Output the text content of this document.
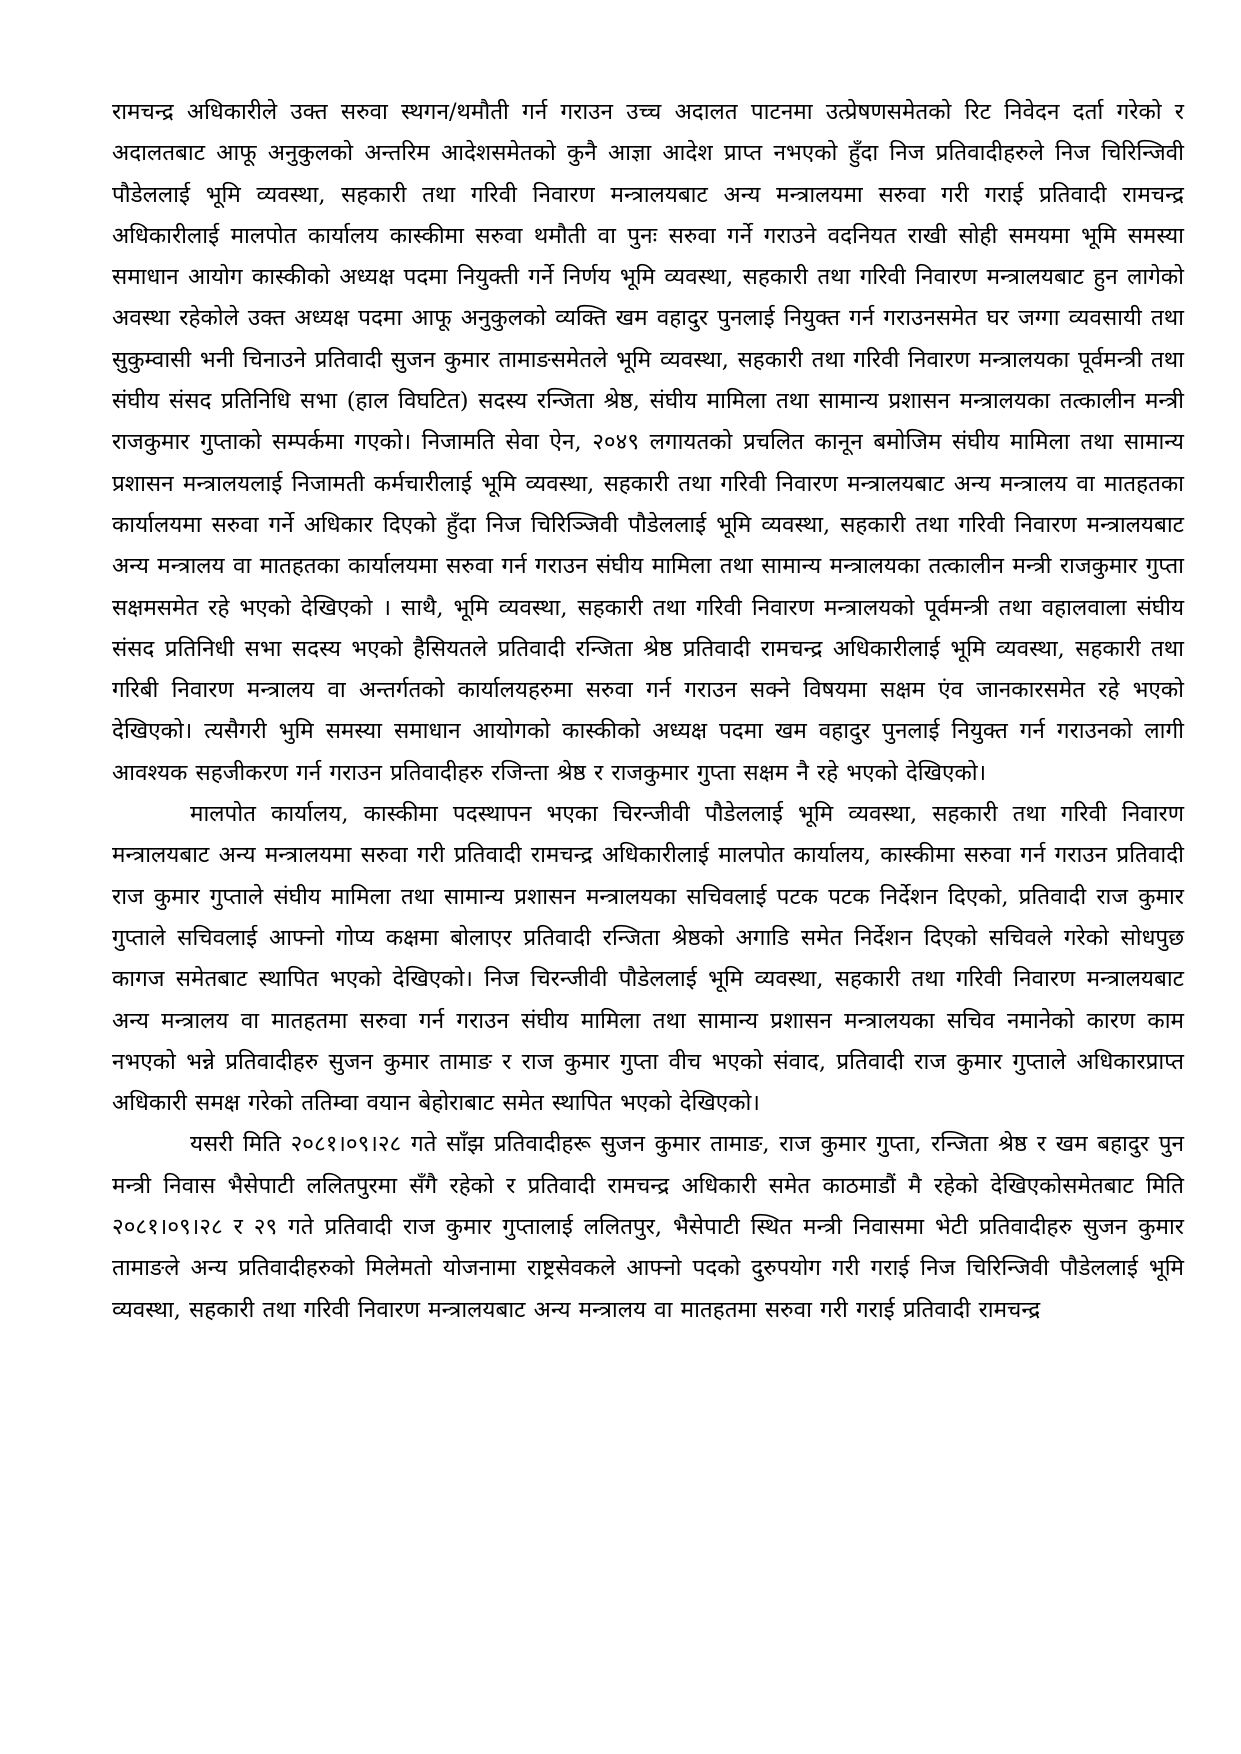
रामचन्द्र अधिकारीले उक्त सरुवा स्थगन/थमौती गर्न गराउन उच्च अदालत पाटनमा उत्प्रेषणसमेतको रिट निवेदन दर्ता गरेको र अदालतबाट आफू अनुकुलको अन्तरिम आदेशसमेतको कुनै आज्ञा आदेश प्राप्त नभएको हुँदा निज प्रतिवादीहरुले निज चिरिन्जिवी पौडेललाई भूमि व्यवस्था, सहकारी तथा गरिवी निवारण मन्त्रालयबाट अन्य मन्त्रालयमा सरुवा गरी गराई प्रतिवादी रामचन्द्र अधिकारीलाई मालपोत कार्यालय कास्कीमा सरुवा थमौती वा पुनः सरुवा गर्ने गराउने वदनियत राखी सोही समयमा भूमि समस्या समाधान आयोग कास्कीको अध्यक्ष पदमा नियुक्ती गर्ने निर्णय भूमि व्यवस्था, सहकारी तथा गरिवी निवारण मन्त्रालयबाट हुन लागेको अवस्था रहेकोले उक्त अध्यक्ष पदमा आफू अनुकुलको व्यक्ति खम वहादुर पुनलाई नियुक्त गर्न गराउनसमेत घर जग्गा व्यवसायी तथा सुकुम्वासी भनी चिनाउने प्रतिवादी सुजन कुमार तामाङसमेतले भूमि व्यवस्था, सहकारी तथा गरिवी निवारण मन्त्रालयका पूर्वमन्त्री तथा संघीय संसद प्रतिनिधि सभा (हाल विघटित) सदस्य रन्जिता श्रेष्ठ, संघीय मामिला तथा सामान्य प्रशासन मन्त्रालयका तत्कालीन मन्त्री राजकुमार गुप्ताको सम्पर्कमा गएको। निजामति सेवा ऐन, २०४९ लगायतको प्रचलित कानून बमोजिम संघीय मामिला तथा सामान्य प्रशासन मन्त्रालयलाई निजामती कर्मचारीलाई भूमि व्यवस्था, सहकारी तथा गरिवी निवारण मन्त्रालयबाट अन्य मन्त्रालय वा मातहतका कार्यालयमा सरुवा गर्ने अधिकार दिएको हुँदा निज चिरिञ्जिवी पौडेललाई भूमि व्यवस्था, सहकारी तथा गरिवी निवारण मन्त्रालयबाट अन्य मन्त्रालय वा मातहतका कार्यालयमा सरुवा गर्न गराउन संघीय मामिला तथा सामान्य मन्त्रालयका तत्कालीन मन्त्री राजकुमार गुप्ता सक्षमसमेत रहे भएको देखिएको । साथै, भूमि व्यवस्था, सहकारी तथा गरिवी निवारण मन्त्रालयको पूर्वमन्त्री तथा वहालवाला संघीय संसद प्रतिनिधी सभा सदस्य भएको हैसियतले प्रतिवादी रन्जिता श्रेष्ठ प्रतिवादी रामचन्द्र अधिकारीलाई भूमि व्यवस्था, सहकारी तथा गरिबी निवारण मन्त्रालय वा अन्तर्गतको कार्यालयहरुमा सरुवा गर्न गराउन सक्ने विषयमा सक्षम एंव जानकारसमेत रहे भएको देखिएको। त्यसैगरी भुमि समस्या समाधान आयोगको कास्कीको अध्यक्ष पदमा खम वहादुर पुनलाई नियुक्त गर्न गराउनको लागी आवश्यक सहजीकरण गर्न गराउन प्रतिवादीहरु रजिन्ता श्रेष्ठ र राजकुमार गुप्ता सक्षम नै रहे भएको देखिएको।

मालपोत कार्यालय, कास्कीमा पदस्थापन भएका चिरन्जीवी पौडेललाई भूमि व्यवस्था, सहकारी तथा गरिवी निवारण मन्त्रालयबाट अन्य मन्त्रालयमा सरुवा गरी प्रतिवादी रामचन्द्र अधिकारीलाई मालपोत कार्यालय, कास्कीमा सरुवा गर्न गराउन प्रतिवादी राज कुमार गुप्ताले संघीय मामिला तथा सामान्य प्रशासन मन्त्रालयका सचिवलाई पटक पटक निर्देशन दिएको, प्रतिवादी राज कुमार गुप्ताले सचिवलाई आफ्नो गोप्य कक्षमा बोलाएर प्रतिवादी रन्जिता श्रेष्ठको अगाडि समेत निर्देशन दिएको सचिवले गरेको सोधपुछ कागज समेतबाट स्थापित भएको देखिएको। निज चिरन्जीवी पौडेललाई भूमि व्यवस्था, सहकारी तथा गरिवी निवारण मन्त्रालयबाट अन्य मन्त्रालय वा मातहतमा सरुवा गर्न गराउन संघीय मामिला तथा सामान्य प्रशासन मन्त्रालयका सचिव नमानेको कारण काम नभएको भन्ने प्रतिवादीहरु सुजन कुमार तामाङ र राज कुमार गुप्ता वीच भएको संवाद, प्रतिवादी राज कुमार गुप्ताले अधिकारप्राप्त अधिकारी समक्ष गरेको ततिम्वा वयान बेहोराबाट समेत स्थापित भएको देखिएको।

यसरी मिति २०८१।०९।२८ गते साँझ प्रतिवादीहरू सुजन कुमार तामाङ, राज कुमार गुप्ता, रन्जिता श्रेष्ठ र खम बहादुर पुन मन्त्री निवास भैसेपाटी ललितपुरमा सँगै रहेको र प्रतिवादी रामचन्द्र अधिकारी समेत काठमाडौं मै रहेको देखिएकोसमेतबाट मिति २०८१।०९।२८ र २९ गते प्रतिवादी राज कुमार गुप्तालाई ललितपुर, भैसेपाटी स्थित मन्त्री निवासमा भेटी प्रतिवादीहरु सुजन कुमार तामाङले अन्य प्रतिवादीहरुको मिलेमतो योजनामा राष्ट्रसेवकले आफ्नो पदको दुरुपयोग गरी गराई निज चिरिन्जिवी पौडेललाई भूमि व्यवस्था, सहकारी तथा गरिवी निवारण मन्त्रालयबाट अन्य मन्त्रालय वा मातहतमा सरुवा गरी गराई प्रतिवादी रामचन्द्र
